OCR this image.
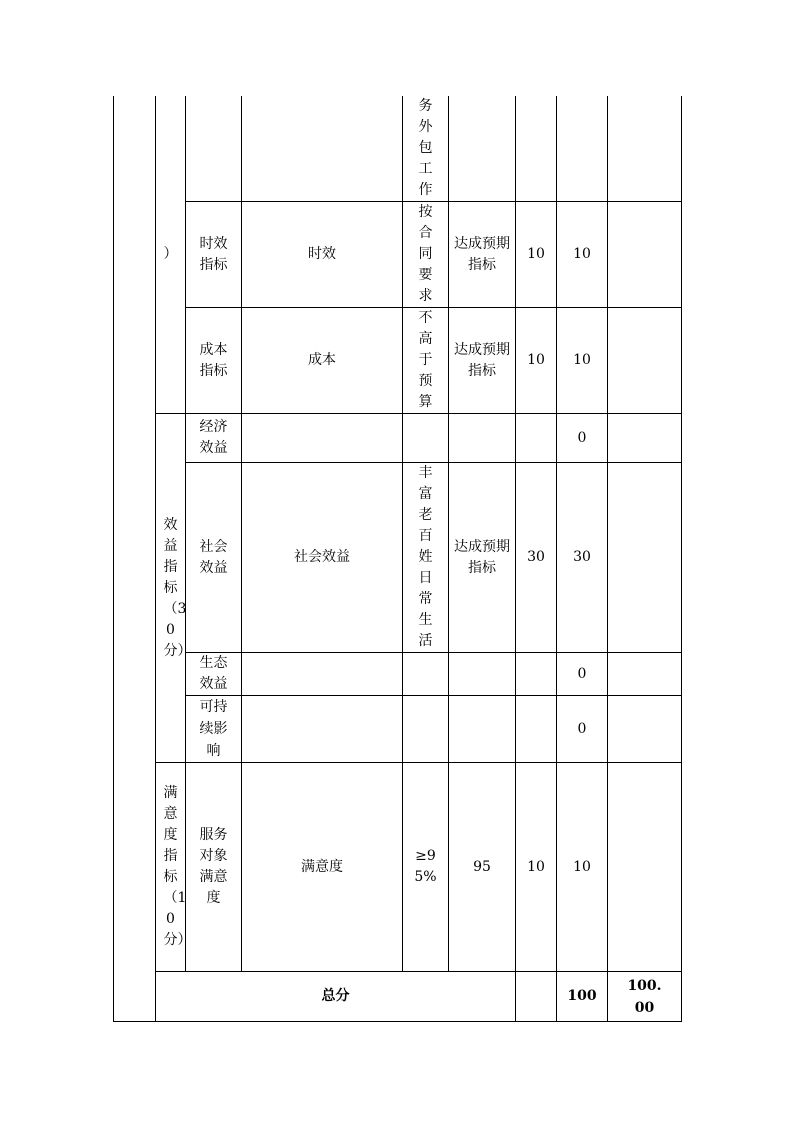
	）			务外包工作					
		时效指标	时效	按合同要求	达成预期指标	10	10		
		成本指标	成本	不高于预算	达成预期指标	10	10		
	效益指标（30分）	经济效益					0		
		社会效益	社会效益	丰富老百姓日常生活	达成预期指标	30	30		
		生态效益					0		
		可持续影响					0		
	满意度指标（10分）	服务对象满意度	满意度	≥95%	95	10	10		
	总分						100	100.00	
